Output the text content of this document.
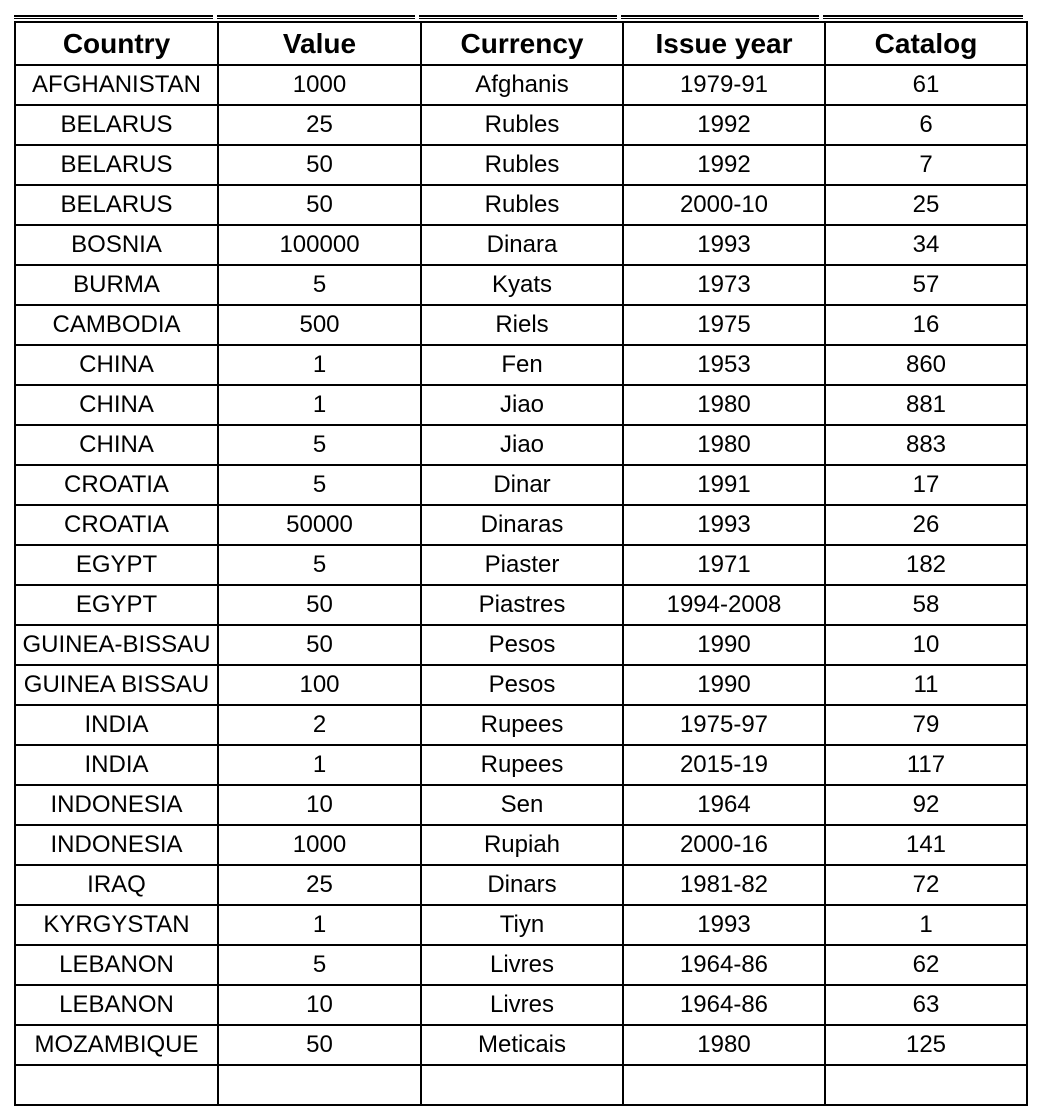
Country	Value	Currency	Issue year	Catalog
AFGHANISTAN	1000	Afghanis	1979-91	61
BELARUS	25	Rubles	1992	6
BELARUS	50	Rubles	1992	7
BELARUS	50	Rubles	2000-10	25
BOSNIA	100000	Dinara	1993	34
BURMA	5	Kyats	1973	57
CAMBODIA	500	Riels	1975	16
CHINA	1	Fen	1953	860
CHINA	1	Jiao	1980	881
CHINA	5	Jiao	1980	883
CROATIA	5	Dinar	1991	17
CROATIA	50000	Dinaras	1993	26
EGYPT	5	Piaster	1971	182
EGYPT	50	Piastres	1994-2008	58
GUINEA-BISSAU	50	Pesos	1990	10
GUINEA BISSAU	100	Pesos	1990	11
INDIA	2	Rupees	1975-97	79
INDIA	1	Rupees	2015-19	117
INDONESIA	10	Sen	1964	92
INDONESIA	1000	Rupiah	2000-16	141
IRAQ	25	Dinars	1981-82	72
KYRGYSTAN	1	Tiyn	1993	1
LEBANON	5	Livres	1964-86	62
LEBANON	10	Livres	1964-86	63
MOZAMBIQUE	50	Meticais	1980	125
